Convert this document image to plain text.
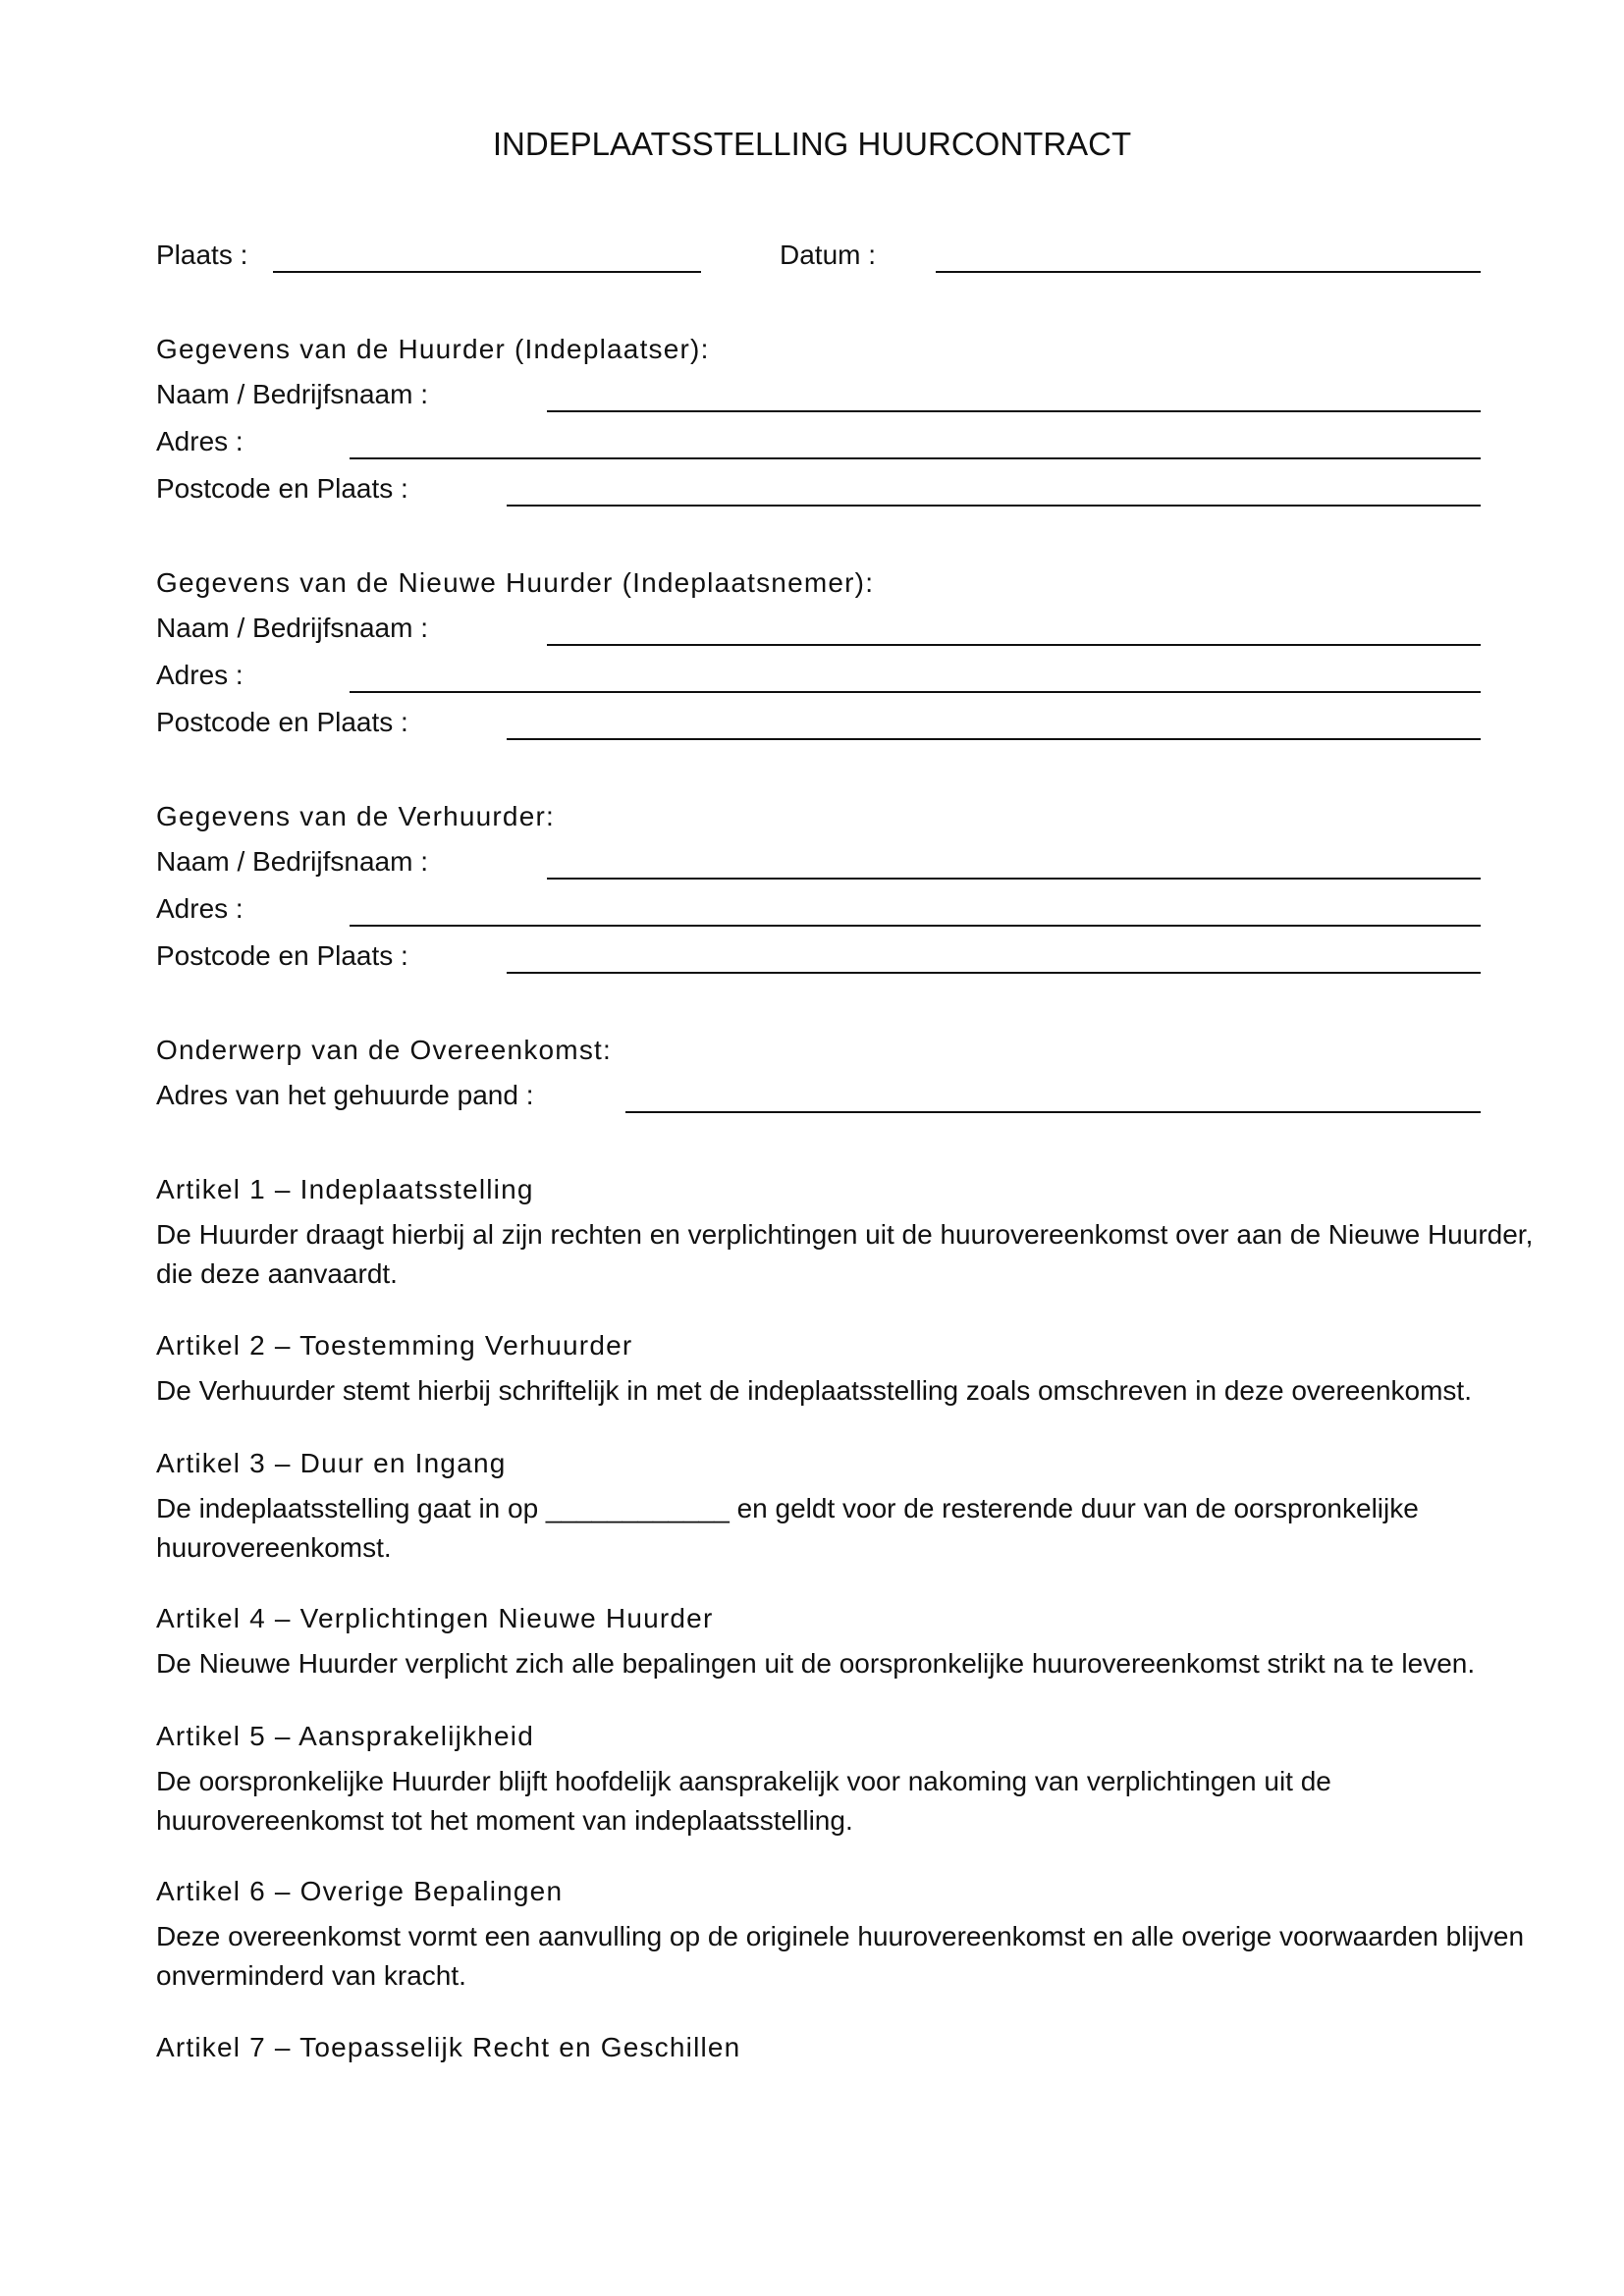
INDEPLAATSSTELLING HUURCONTRACT
Plaats :	Datum :
Gegevens van de Huurder (Indeplaatser):
Naam / Bedrijfsnaam :
Adres :
Postcode en Plaats :
Gegevens van de Nieuwe Huurder (Indeplaatsnemer):
Naam / Bedrijfsnaam :
Adres :
Postcode en Plaats :
Gegevens van de Verhuurder:
Naam / Bedrijfsnaam :
Adres :
Postcode en Plaats :
Onderwerp van de Overeenkomst:
Adres van het gehuurde pand :
Artikel 1 – Indeplaatsstelling
De Huurder draagt hierbij al zijn rechten en verplichtingen uit de huurovereenkomst over aan de Nieuwe Huurder, die deze aanvaardt.
Artikel 2 – Toestemming Verhuurder
De Verhuurder stemt hierbij schriftelijk in met de indeplaatsstelling zoals omschreven in deze overeenkomst.
Artikel 3 – Duur en Ingang
De indeplaatsstelling gaat in op ____________ en geldt voor de resterende duur van de oorspronkelijke huurovereenkomst.
Artikel 4 – Verplichtingen Nieuwe Huurder
De Nieuwe Huurder verplicht zich alle bepalingen uit de oorspronkelijke huurovereenkomst strikt na te leven.
Artikel 5 – Aansprakelijkheid
De oorspronkelijke Huurder blijft hoofdelijk aansprakelijk voor nakoming van verplichtingen uit de huurovereenkomst tot het moment van indeplaatsstelling.
Artikel 6 – Overige Bepalingen
Deze overeenkomst vormt een aanvulling op de originele huurovereenkomst en alle overige voorwaarden blijven onverminderd van kracht.
Artikel 7 – Toepasselijk Recht en Geschillen
